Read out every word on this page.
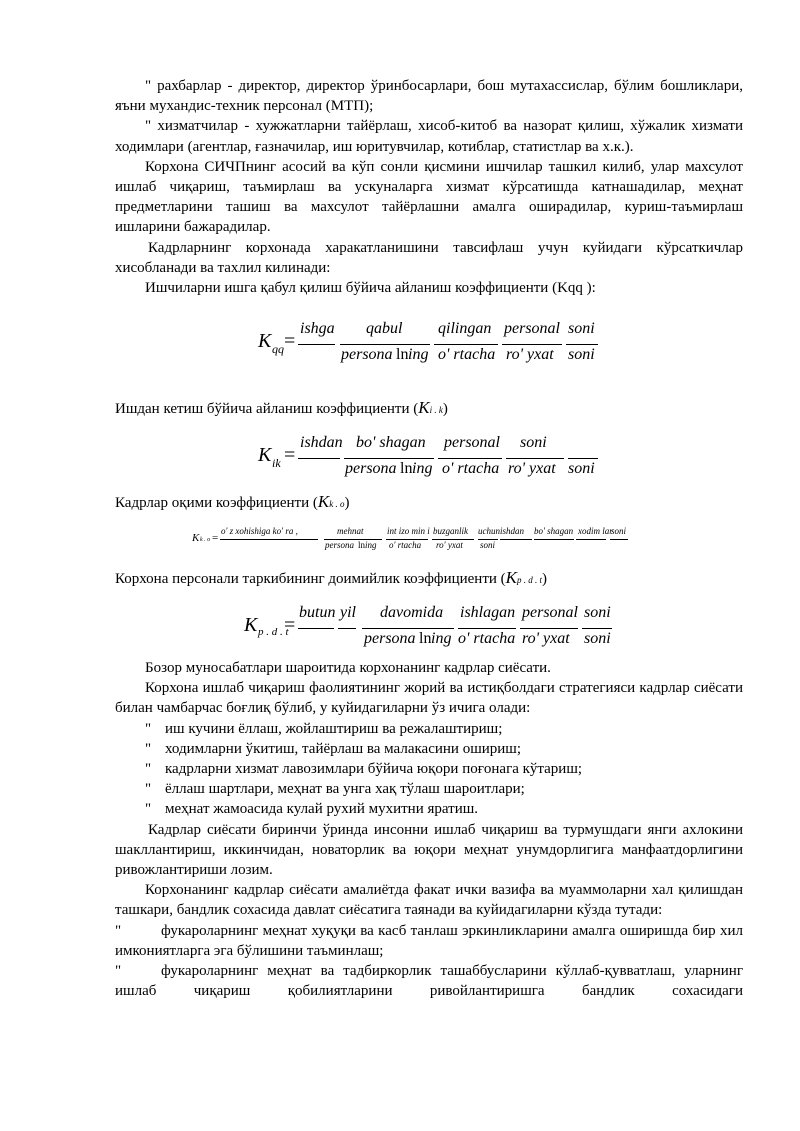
" рахбарлар - директор, директор ўринбосарлари, бош мутахассислар, бўлим бошликлари, яъни мухандис-техник персонал (МТП);

" хизматчилар - хужжатларни тайёрлаш, хисоб-китоб ва назорат қилиш, хўжалик хизмати ходимлари (агентлар, ғазначилар, иш юритувчилар, котиблар, статистлар ва х.к.).

Корхона СИЧПнинг асосий ва кўп сонли қисмини ишчилар ташкил килиб, улар махсулот ишлаб чиқариш, таъмирлаш ва ускуналарга хизмат кўрсатишда катнашадилар, меҳнат предметларини ташиш ва махсулот тайёрлашни амалга оширадилар, куриш-таъмирлаш ишларини бажарадилар.

Кадрларнинг корхонада харакатланишини тавсифлаш учун куйидаги кўрсаткичлар хисобланади ва тахлил килинади:

Ишчиларни ишга қабул қилиш бўйича айланиш коэффициенти (Kqq ):

K qq =
ishga qabul qilingan personal soni
persona ln ing o' rtacha ro' yxat soni
Ишдан кетиш бўйича айланиш коэффициенти (Ki . k)
K ik =
ishdan bo' shagan personal soni
persona ln ing o' rtacha ro' yxat soni
Кадрлар оқими коэффициенти (Kk . o)
K k . o =
o' z xohishiga ko' ra ,	mehnat	int izo min i buzganlik uchun ishdan bo' shagan xodim lar
soni
persona ln ing o' rtacha ro' yxat soni
Корхона персонали таркибининг доимийлик коэффициенти (Kp . d . t)
K p . d . t
=
butun yil davomida ishlagan personal soni
persona ln ing o' rtacha ro' yxat soni

Бозор муносабатлари шароитида корхонанинг кадрлар сиёсати.

Корхона ишлаб чиқариш фаолиятининг жорий ва истиқболдаги стратегияси кадрлар сиёсати билан чамбарчас боғлиқ бўлиб, у куйидагиларни ўз ичига олади:

" иш кучини ёллаш, жойлаштириш ва режалаштириш;

" ходимларни ўкитиш, тайёрлаш ва малакасини ошириш;

" кадрларни хизмат лавозимлари бўйича юқори поғонага кўтариш;

" ёллаш шартлари, меҳнат ва унга хақ тўлаш шароитлари;

" меҳнат жамоасида кулай рухий мухитни яратиш.

Кадрлар сиёсати биринчи ўринда инсонни ишлаб чиқариш ва турмушдаги янги ахлокини шакллантириш, иккинчидан, новаторлик ва юқори меҳнат унумдорлигига манфаатдорлигини ривожлантириши лозим.

Корхонанинг кадрлар сиёсати амалиётда факат ички вазифа ва муаммоларни хал қилишдан ташкари, бандлик сохасида давлат сиёсатига таянади ва куйидагиларни кўзда тутади:

"	фукароларнинг меҳнат хуқуқи ва касб танлаш эркинликларини амалга оширишда бир хил имкониятларга эга бўлишини таъминлаш;

"	фукароларнинг меҳнат ва тадбиркорлик ташаббусларини кўллаб-қувватлаш, уларнинг ишлаб чиқариш қобилиятларини ривойлантиришга бандлик сохасидаги
